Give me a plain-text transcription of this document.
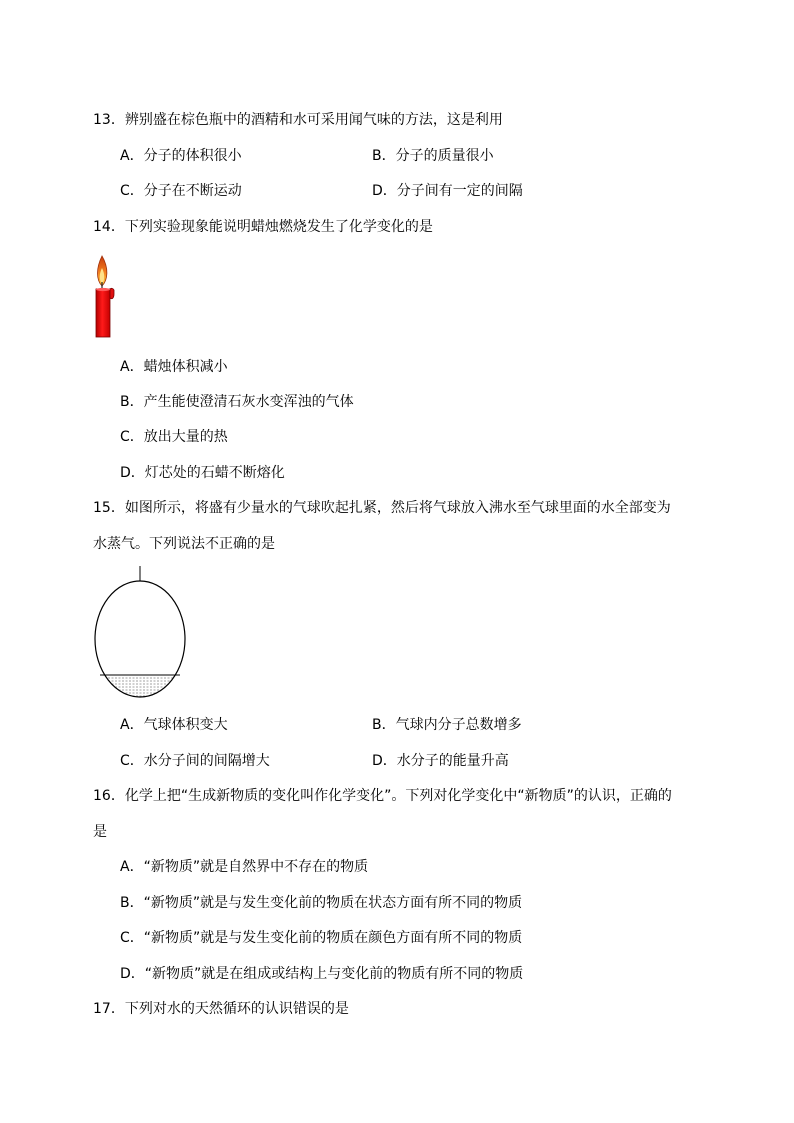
13．辨别盛在棕色瓶中的酒精和水可采用闻气味的方法，这是利用
A．分子的体积很小	B．分子的质量很小
C．分子在不断运动	D．分子间有一定的间隔
14．下列实验现象能说明蜡烛燃烧发生了化学变化的是
A．蜡烛体积减小
B．产生能使澄清石灰水变浑浊的气体
C．放出大量的热
D．灯芯处的石蜡不断熔化
15．如图所示，将盛有少量水的气球吹起扎紧，然后将气球放入沸水至气球里面的水全部变为
水蒸气。下列说法不正确的是
A．气球体积变大	B．气球内分子总数增多
C．水分子间的间隔增大	D．水分子的能量升高
16．化学上把“生成新物质的变化叫作化学变化”。下列对化学变化中“新物质”的认识，正确的
是
A．“新物质”就是自然界中不存在的物质
B．“新物质”就是与发生变化前的物质在状态方面有所不同的物质
C．“新物质”就是与发生变化前的物质在颜色方面有所不同的物质
D．“新物质”就是在组成或结构上与变化前的物质有所不同的物质
17．下列对水的天然循环的认识错误的是
